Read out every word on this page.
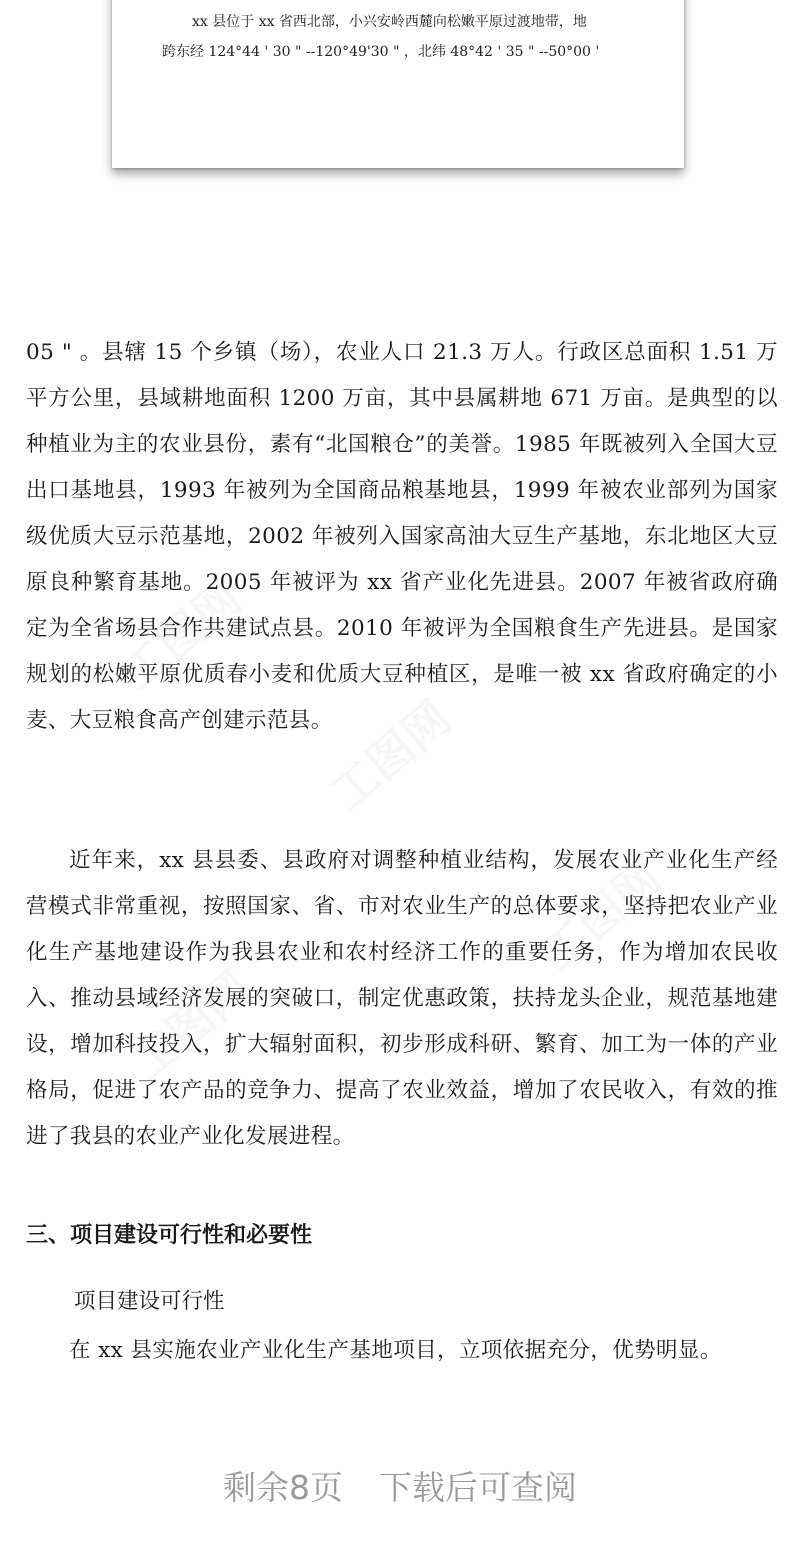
xx 县位于 xx 省西北部，小兴安岭西麓向松嫩平原过渡地带，地
跨东经 124°44 ' 30 " --120°49'30 " ，北纬 48°42 ' 35 " --50°00 '

05 " 。县辖 15 个乡镇（场），农业人口 21.3 万人。行政区总面积 1.51 万平方公里，县域耕地面积 1200 万亩，其中县属耕地 671 万亩。是典型的以种植业为主的农业县份，素有“北国粮仓”的美誉。1985 年既被列入全国大豆出口基地县，1993 年被列为全国商品粮基地县，1999 年被农业部列为国家级优质大豆示范基地，2002 年被列入国家高油大豆生产基地，东北地区大豆原良种繁育基地。2005 年被评为 xx 省产业化先进县。2007 年被省政府确定为全省场县合作共建试点县。2010 年被评为全国粮食生产先进县。是国家规划的松嫩平原优质春小麦和优质大豆种植区，是唯一被 xx 省政府确定的小麦、大豆粮食高产创建示范县。

近年来，xx 县县委、县政府对调整种植业结构，发展农业产业化生产经营模式非常重视，按照国家、省、市对农业生产的总体要求，坚持把农业产业化生产基地建设作为我县农业和农村经济工作的重要任务，作为增加农民收入、推动县域经济发展的突破口，制定优惠政策，扶持龙头企业，规范基地建设，增加科技投入，扩大辐射面积，初步形成科研、繁育、加工为一体的产业格局，促进了农产品的竞争力、提高了农业效益，增加了农民收入，有效的推进了我县的农业产业化发展进程。

三、项目建设可行性和必要性

项目建设可行性

在 xx 县实施农业产业化生产基地项目，立项依据充分，优势明显。

剩余8页 下载后可查阅
